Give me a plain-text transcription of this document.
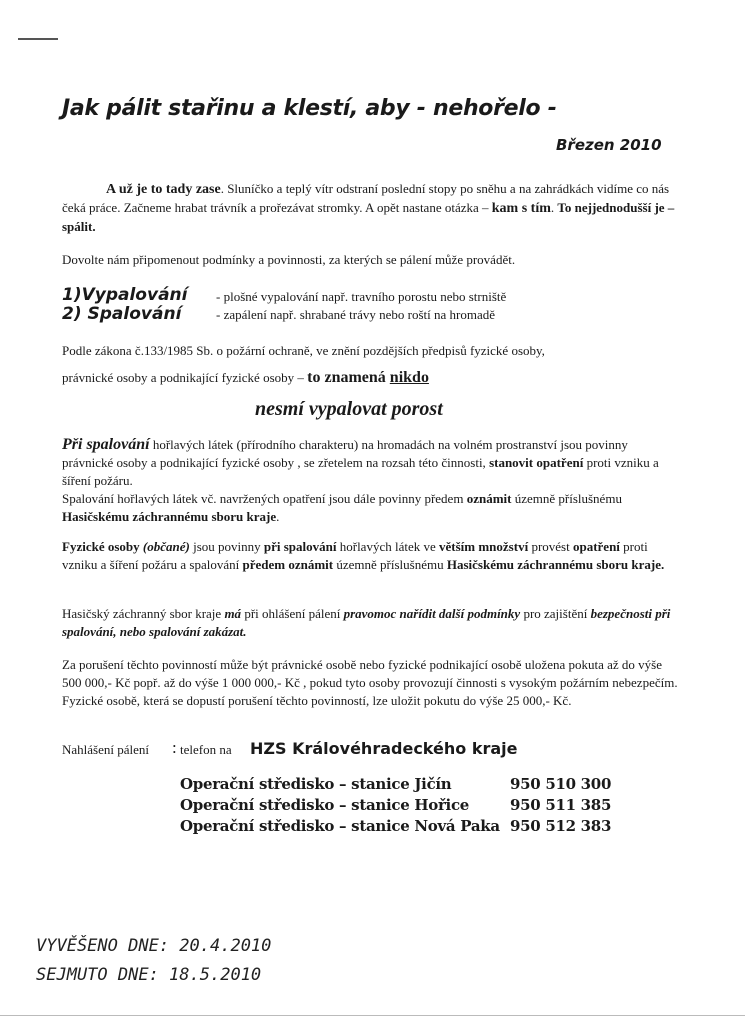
Jak pálit stařinu a klestí, aby - nehořelo -
Březen 2010
A už je to tady zase. Sluníčko a teplý vítr odstraní poslední stopy po sněhu a na zahrádkách vidíme co nás čeká práce. Začneme hrabat trávník a prořezávat stromky. A opět nastane otázka – kam s tím. To nejjednodušší je – spálit.
Dovolte nám připomenout podmínky a povinnosti, za kterých se pálení může provádět.
1)Vypalování - plošné vypalování např. travního porostu nebo strniště
2) Spalování	- zapálení např. shrabané trávy nebo roští na hromadě
Podle zákona č.133/1985 Sb. o požární ochraně, ve znění pozdějších předpisů fyzické osoby,
právnické osoby a podnikající fyzické osoby – to znamená nikdo
nesmí vypalovat porost
Při spalování hořlavých látek (přírodního charakteru) na hromadách na volném prostranství jsou povinny právnické osoby a podnikající fyzické osoby , se zřetelem na rozsah této činnosti, stanovit opatření proti vzniku a šíření požáru.
Spalování hořlavých látek vč. navržených opatření jsou dále povinny předem oznámit územně příslušnému Hasičskému záchrannému sboru kraje.
Fyzické osoby (občané) jsou povinny při spalování hořlavých látek ve větším množství provést opatření proti vzniku a šíření požáru a spalování předem oznámit územně příslušnému Hasičskému záchrannému sboru kraje.
Hasičský záchranný sbor kraje má při ohlášení pálení pravomoc nařídit další podmínky pro zajištění bezpečnosti při spalování, nebo spalování zakázat.
Za porušení těchto povinností může být právnické osobě nebo fyzické podnikající osobě uložena pokuta až do výše 500 000,- Kč popř. až do výše 1 000 000,- Kč , pokud tyto osoby provozují činnosti s vysokým požárním nebezpečím.
Fyzické osobě, která se dopustí porušení těchto povinností, lze uložit pokutu do výše 25 000,- Kč.
Nahlášení pálení : telefon na HZS Královéhradeckého kraje
Operační středisko – stanice Jičín	950 510 300
Operační středisko – stanice Hořice	950 511 385
Operační středisko – stanice Nová Paka 950 512 383
VYVĚŠENO DNE: 20.4.2010
SEJMUTO DNE: 18.5.2010
